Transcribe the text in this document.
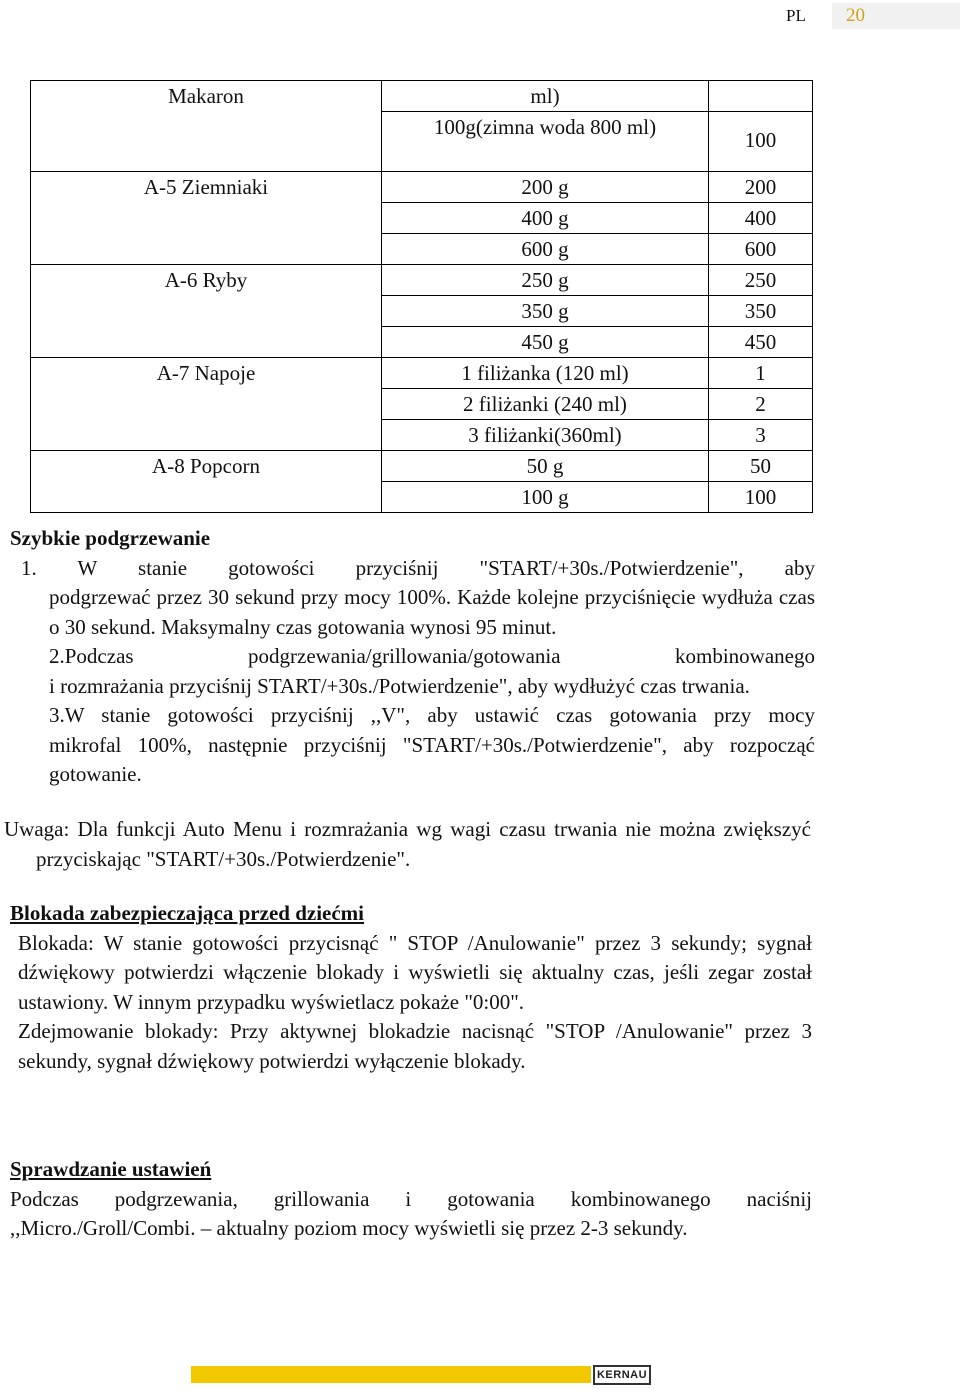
PL	20
Makaron	ml)	
	100g(zimna woda 800 ml)	100
A-5 Ziemniaki	200 g	200
	400 g	400
	600 g	600
A-6 Ryby	250 g	250
	350 g	350
	450 g	450
A-7 Napoje	1 filiżanka (120 ml)	1
	2 filiżanki (240 ml)	2
	3 filiżanki(360ml)	3
A-8 Popcorn	50 g	50
	100 g	100

Szybkie podgrzewanie

1. W stanie gotowości przyciśnij "START/+30s./Potwierdzenie", aby

podgrzewać przez 30 sekund przy mocy 100%. Każde kolejne przyciśnięcie wydłuża czas o 30 sekund. Maksymalny czas gotowania wynosi 95 minut.

2.Podczas podgrzewania/grillowania/gotowania kombinowanego

i rozmrażania przyciśnij START/+30s./Potwierdzenie", aby wydłużyć czas trwania.

3.W stanie gotowości przyciśnij ,,V", aby ustawić czas gotowania przy mocy

mikrofal 100%, następnie przyciśnij "START/+30s./Potwierdzenie", aby rozpocząć gotowanie.

Uwaga: Dla funkcji Auto Menu i rozmrażania wg wagi czasu trwania nie można zwiększyć przyciskając "START/+30s./Potwierdzenie".

Blokada zabezpieczająca przed dziećmi

Blokada: W stanie gotowości przycisnąć " STOP /Anulowanie" przez 3 sekundy; sygnał dźwiękowy potwierdzi włączenie blokady i wyświetli się aktualny czas, jeśli zegar został ustawiony. W innym przypadku wyświetlacz pokaże "0:00".

Zdejmowanie blokady: Przy aktywnej blokadzie nacisnąć "STOP /Anulowanie" przez 3 sekundy, sygnał dźwiękowy potwierdzi wyłączenie blokady.

Sprawdzanie ustawień

Podczas podgrzewania, grillowania i gotowania kombinowanego naciśnij ,,Micro./Groll/Combi. – aktualny poziom mocy wyświetli się przez 2-3 sekundy.

KERNAU
